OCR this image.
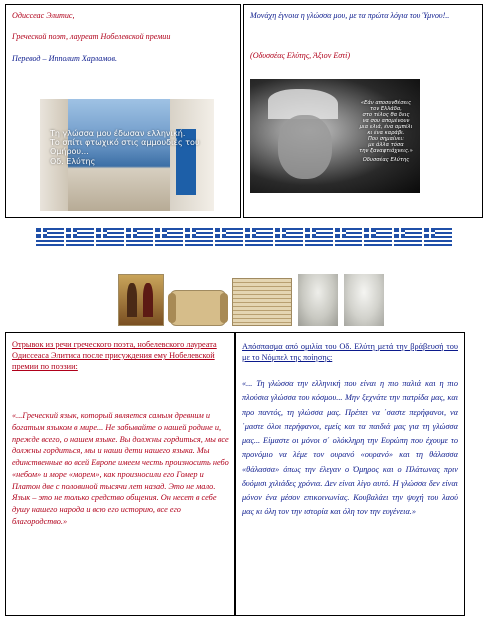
Одиссеас Элитис,

Греческой поэт, лауреат Нобелевской премии

Перевод – Ипполит Харламов.

Τη γλώσσα μου έδωσαν ελληνική.
Το σπίτι φτωχικό στις αμμουδιές του
Ομήρου...
Οδ. Ελύτης

Μονάχη έγνοια η γλώσσα μου, με τα πρώτα λόγια του Ύμνου!..

(Οδυσσέας Ελύτης, Άξιον Εστί)

«Εάν αποσυνθέσεις
τον Ελλάδα,
στο τέλος θα δεις
να σου απομένουν
μια ελιά, ένα αμπέλι
κι ένα καράβι.
Που σημαίνει:
με άλλα τόσα
την ξαναφτιάχνεις.»
Οδυσσέας Ελύτης

Отрывок из речи греческого поэта, нобелевского лауреата Одиссеаса Элитиса после присуждения ему Нобелевской премии по поэзии:

«...Греческий язык, который является самым древним и богатым языком в мире... Не забывайте о нашей родине и, прежде всего, о нашем языке. Вы должны гордиться, мы все должны гордиться, мы и наши дети нашего языка. Мы единственные во всей Европе имеем честь произносить небо «небом» и море «морем», как произносили его Гомер и Платон две с половиной тысячи лет назад. Это не мало. Язык – это не только средство общения. Он несет в себе душу нашего народа и всю его историю, все его благородство.»

Απόσπασμα από ομιλία του Οδ. Ελύτη μετά την βράβευσή του με το Νόμπελ της ποίησης:

«... Τη γλώσσα την ελληνική που είναι η πιο παλιά και η πιο πλούσια γλώσσα του κόσμου... Μην ξεχνάτε την πατρίδα μας, και προ παντός, τη γλώσσα μας. Πρέπει να ΄σαστε περήφανοι, να ΄μαστε όλοι περήφανοι, εμείς και τα παιδιά μας για τη γλώσσα μας... Είμαστε οι μόνοι σ΄ ολόκληρη την Ευρώπη που έχουμε το προνόμιο να λέμε τον ουρανό «ουρανό» και τη θάλασσα «θάλασσα» όπως την έλεγαν ο Όμηρος και ο Πλάτωνας πριν δυόμισι χιλιάδες χρόνια. Δεν είναι λίγο αυτό. Η γλώσσα δεν είναι μόνον ένα μέσον επικοινωνίας. Κουβαλάει την ψυχή του λαού μας κι όλη τον την ιστορία και όλη τον την ευγένεια.»
